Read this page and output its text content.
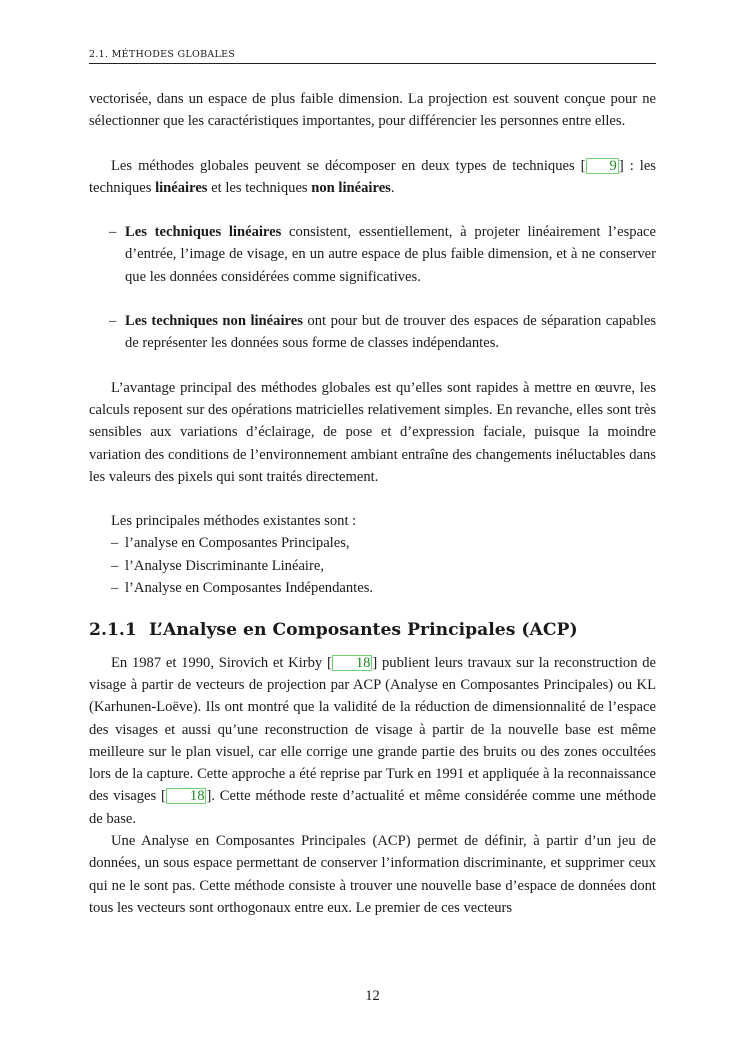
2.1. MÉTHODES GLOBALES

vectorisée, dans un espace de plus faible dimension. La projection est souvent conçue pour ne sélectionner que les caractéristiques importantes, pour différencier les personnes entre elles.

Les méthodes globales peuvent se décomposer en deux types de techniques [ 9 ] : les techniques linéaires et les techniques non linéaires.

– Les techniques linéaires consistent, essentiellement, à projeter linéairement l’espace d’entrée, l’image de visage, en un autre espace de plus faible dimension, et à ne conserver que les données considérées comme significatives.
– Les techniques non linéaires ont pour but de trouver des espaces de séparation capables de représenter les données sous forme de classes indépendantes.

L’avantage principal des méthodes globales est qu’elles sont rapides à mettre en œuvre, les calculs reposent sur des opérations matricielles relativement simples. En revanche, elles sont très sensibles aux variations d’éclairage, de pose et d’expression faciale, puisque la moindre variation des conditions de l’environnement ambiant entraîne des changements inéluctables dans les valeurs des pixels qui sont traités directement.

Les principales méthodes existantes sont :
– l’analyse en Composantes Principales,
– l’Analyse Discriminante Linéaire,
– l’Analyse en Composantes Indépendantes.
2.1.1 L’Analyse en Composantes Principales (ACP)

En 1987 et 1990, Sirovich et Kirby [ 18 ] publient leurs travaux sur la reconstruction de visage à partir de vecteurs de projection par ACP (Analyse en Composantes Principales) ou KL (Karhunen-Loëve). Ils ont montré que la validité de la réduction de dimensionnalité de l’espace des visages et aussi qu’une reconstruction de visage à partir de la nouvelle base est même meilleure sur le plan visuel, car elle corrige une grande partie des bruits ou des zones occultées lors de la capture. Cette approche a été reprise par Turk en 1991 et appliquée à la reconnaissance des visages [ 18 ]. Cette méthode reste d’actualité et même considérée comme une méthode de base.

Une Analyse en Composantes Principales (ACP) permet de définir, à partir d’un jeu de données, un sous espace permettant de conserver l’information discriminante, et supprimer ceux qui ne le sont pas. Cette méthode consiste à trouver une nouvelle base d’espace de données dont tous les vecteurs sont orthogonaux entre eux. Le premier de ces vecteurs

12
